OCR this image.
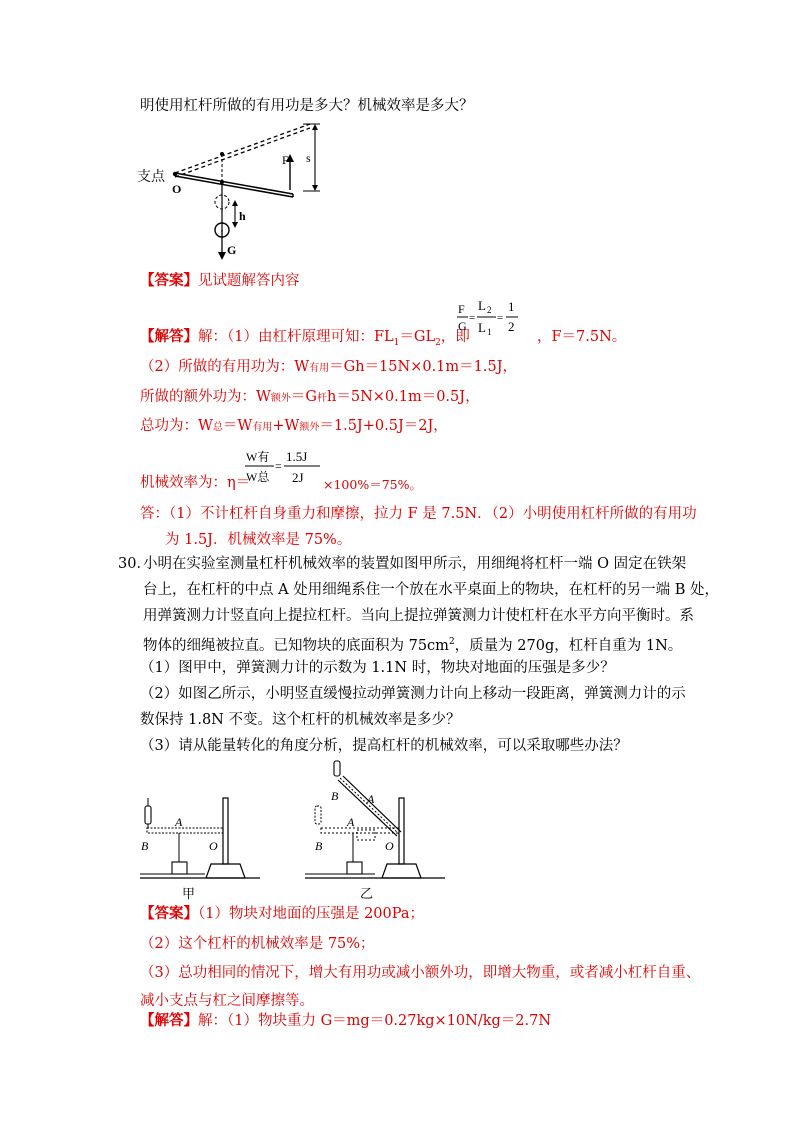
明使用杠杆所做的有用功是多大？机械效率是多大？
支点
O
F s
h
G
【答案】见试题解答内容
【解答】解：（1）由杠杆原理可知：$FL_1=GL_2$，即
F
G
=
L 2
L 1
=
1
2
，F＝7.5N。
（2）所做的有用功为：W有用＝Gh＝15N×0.1m＝1.5J，
所做的额外功为：W额外＝G杆h＝5N×0.1m＝0.5J，
总功为：W总＝W有用+W额外＝1.5J+0.5J＝2J，
机械效率为：η＝
W有
W总
=
1.5J
2J ×100%＝75%。
答：（1）不计杠杆自身重力和摩擦，拉力 F 是 7.5N．（2）小明使用杠杆所做的有用功
为 1.5J．机械效率是 75%。
30．
小明在实验室测量杠杆机械效率的装置如图甲所示，用细绳将杠杆一端 O 固定在铁架
台上，在杠杆的中点 A 处用细绳系住一个放在水平桌面上的物块，在杠杆的另一端 B 处，
用弹簧测力计竖直向上提拉杠杆。当向上提拉弹簧测力计使杠杆在水平方向平衡时。系
物体的细绳被拉直。已知物块的底面积为 $75cm^2$，质量为 270g，杠杆自重为 1N。
（1）图甲中，弹簧测力计的示数为 1.1N 时，物块对地面的压强是多少？
（2）如图乙所示，小明竖直缓慢拉动弹簧测力计向上移动一段距离，弹簧测力计的示
数保持 1.8N 不变。这个杠杆的机械效率是多少？
（3）请从能量转化的角度分析，提高杠杆的机械效率，可以采取哪些办法？
B
A
O
甲
B A
B
A
O
乙
【答案】（1）物块对地面的压强是 200Pa；
（2）这个杠杆的机械效率是 75%；
（3）总功相同的情况下，增大有用功或减小额外功，即增大物重，或者减小杠杆自重、
减小支点与杠之间摩擦等。
【解答】解：（1）物块重力 G＝mg＝0.27kg×10N/kg＝2.7N
